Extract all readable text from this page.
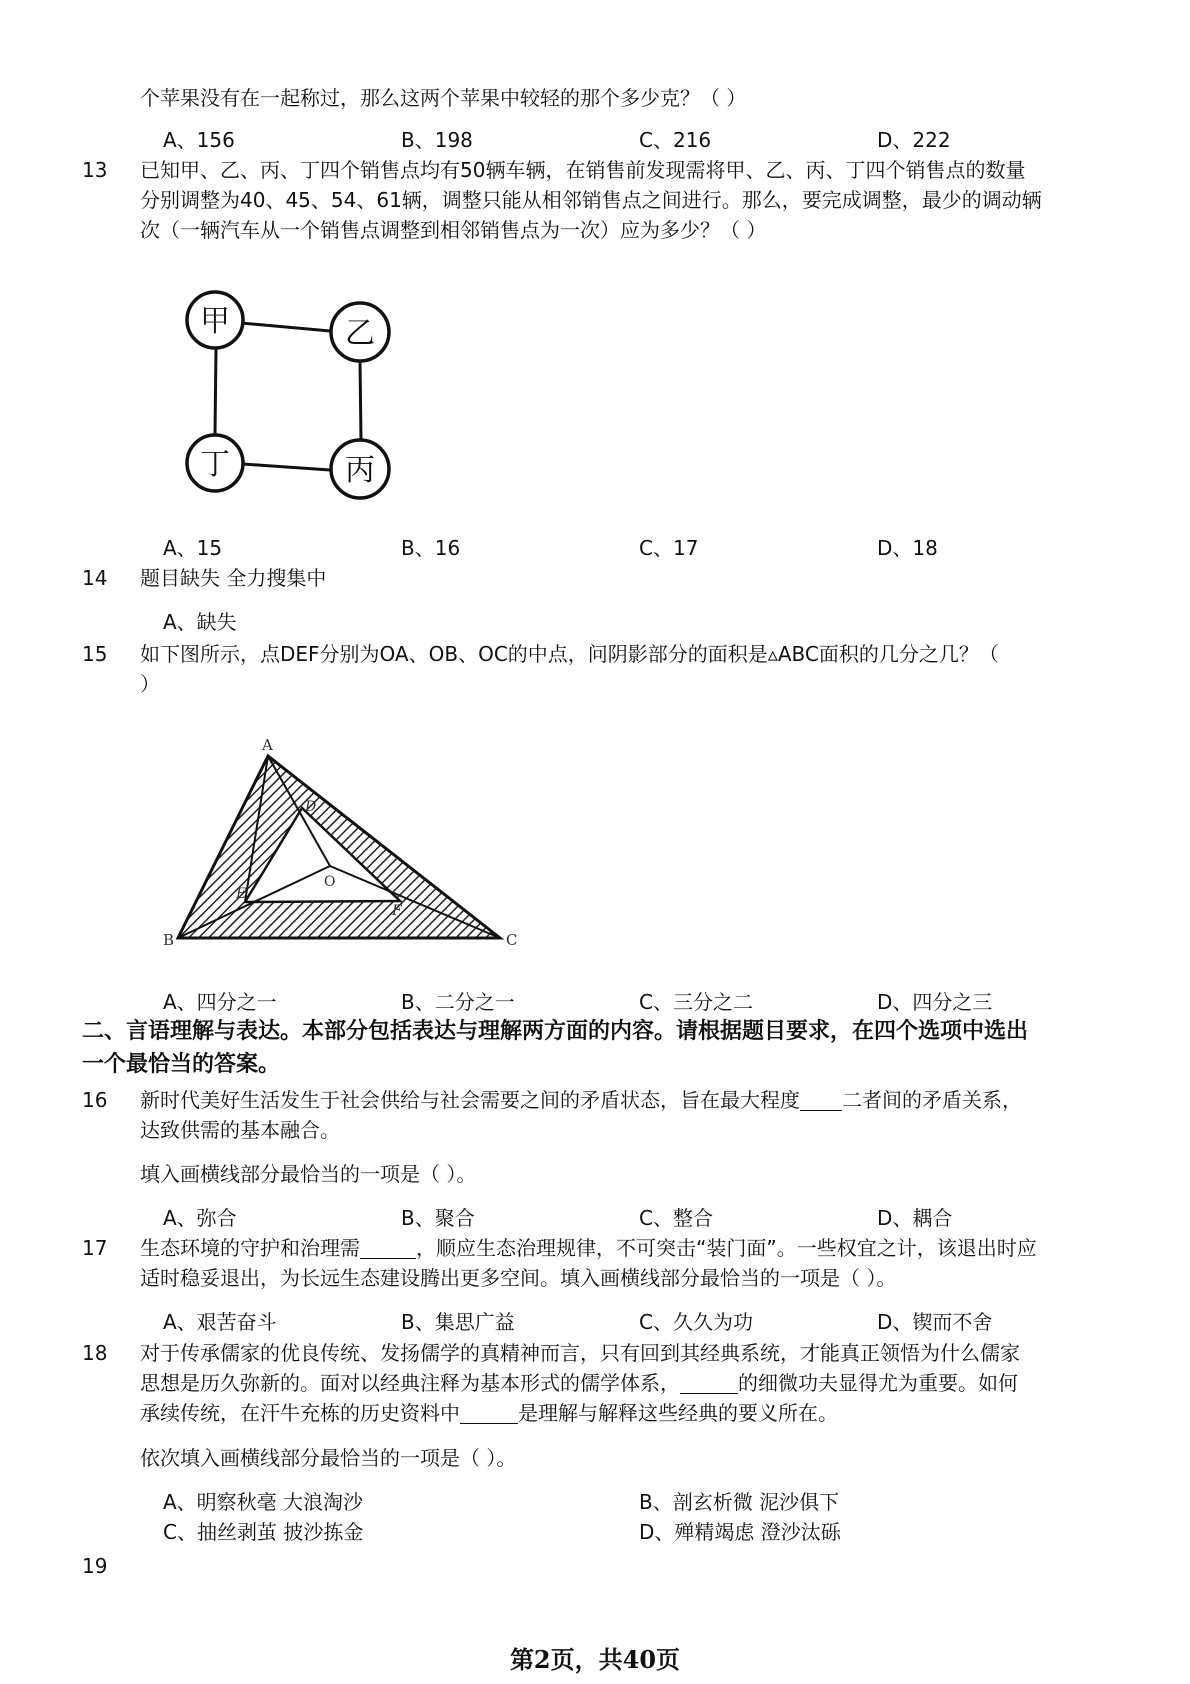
个苹果没有在一起称过，那么这两个苹果中较轻的那个多少克？（ ）
A、156	B、198	C、216	D、222
13 已知甲、乙、丙、丁四个销售点均有50辆车辆，在销售前发现需将甲、乙、丙、丁四个销售点的数量
分别调整为40、45、54、61辆，调整只能从相邻销售点之间进行。那么，要完成调整，最少的调动辆
次（一辆汽车从一个销售点调整到相邻销售点为一次）应为多少？（ ）
甲	乙
丁	丙
A、15	B、16	C、17	D、18
14 题目缺失 全力搜集中
A、缺失
15 如下图所示，点DEF分别为OA、OB、OC的中点，问阴影部分的面积是▵ABC面积的几分之几？（
）
A
B	C
D
E
F
O
A、四分之一	B、二分之一	C、三分之二	D、四分之三
二、言语理解与表达。本部分包括表达与理解两方面的内容。请根据题目要求，在四个选项中选出
一个最恰当的答案。
16 新时代美好生活发生于社会供给与社会需要之间的矛盾状态，旨在最大程度 二者间的矛盾关系，
达致供需的基本融合。
填入画横线部分最恰当的一项是（ ）。
A、弥合	B、聚合	C、整合	D、耦合
17 生态环境的守护和治理需	，顺应生态治理规律，不可突击“装门面”。一些权宜之计，该退出时应
适时稳妥退出，为长远生态建设腾出更多空间。填入画横线部分最恰当的一项是（ ）。
A、艰苦奋斗	B、集思广益	C、久久为功	D、锲而不舍
18 对于传承儒家的优良传统、发扬儒学的真精神而言，只有回到其经典系统，才能真正领悟为什么儒家
思想是历久弥新的。面对以经典注释为基本形式的儒学体系，	的细微功夫显得尤为重要。如何
承续传统，在汗牛充栋的历史资料中	是理解与解释这些经典的要义所在。
依次填入画横线部分最恰当的一项是（ ）。
A、明察秋毫 大浪淘沙	B、剖玄析微 泥沙俱下
C、抽丝剥茧 披沙拣金	D、殚精竭虑 澄沙汰砾
19
第2页，共40页
